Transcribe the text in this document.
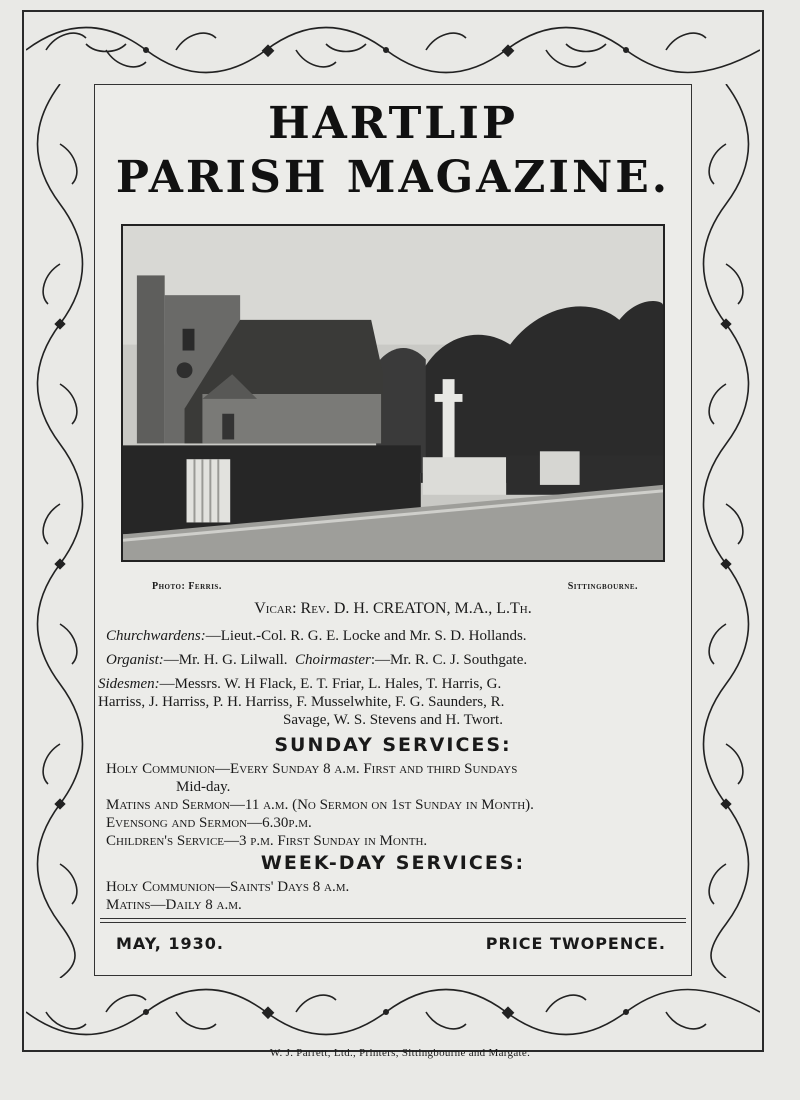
HARTLIP
PARISH MAGAZINE.
Photo: Ferris.	Sittingbourne.

Vicar: Rev. D. H. CREATON, M.A., L.Th.

Churchwardens:—Lieut.-Col. R. G. E. Locke and Mr. S. D. Hollands.

Organist:—Mr. H. G. Lilwall. Choirmaster:—Mr. R. C. J. Southgate.

Sidesmen:—Messrs. W. H Flack, E. T. Friar, L. Hales, T. Harris, G.

Harriss, J. Harriss, P. H. Harriss, F. Musselwhite, F. G. Saunders, R.

Savage, W. S. Stevens and H. Twort.

SUNDAY SERVICES:

Holy Communion—Every Sunday 8 a.m. First and third Sundays

Mid-day.

Matins and Sermon—11 a.m. (No Sermon on 1st Sunday in Month).

Evensong and Sermon—6.30p.m.

Children's Service—3 p.m. First Sunday in Month.

WEEK-DAY SERVICES:

Holy Communion—Saints' Days 8 a.m.

Matins—Daily 8 a.m.

MAY, 1930.	PRICE TWOPENCE.
W. J. Parrett, Ltd., Printers, Sittingbourne and Margate.
